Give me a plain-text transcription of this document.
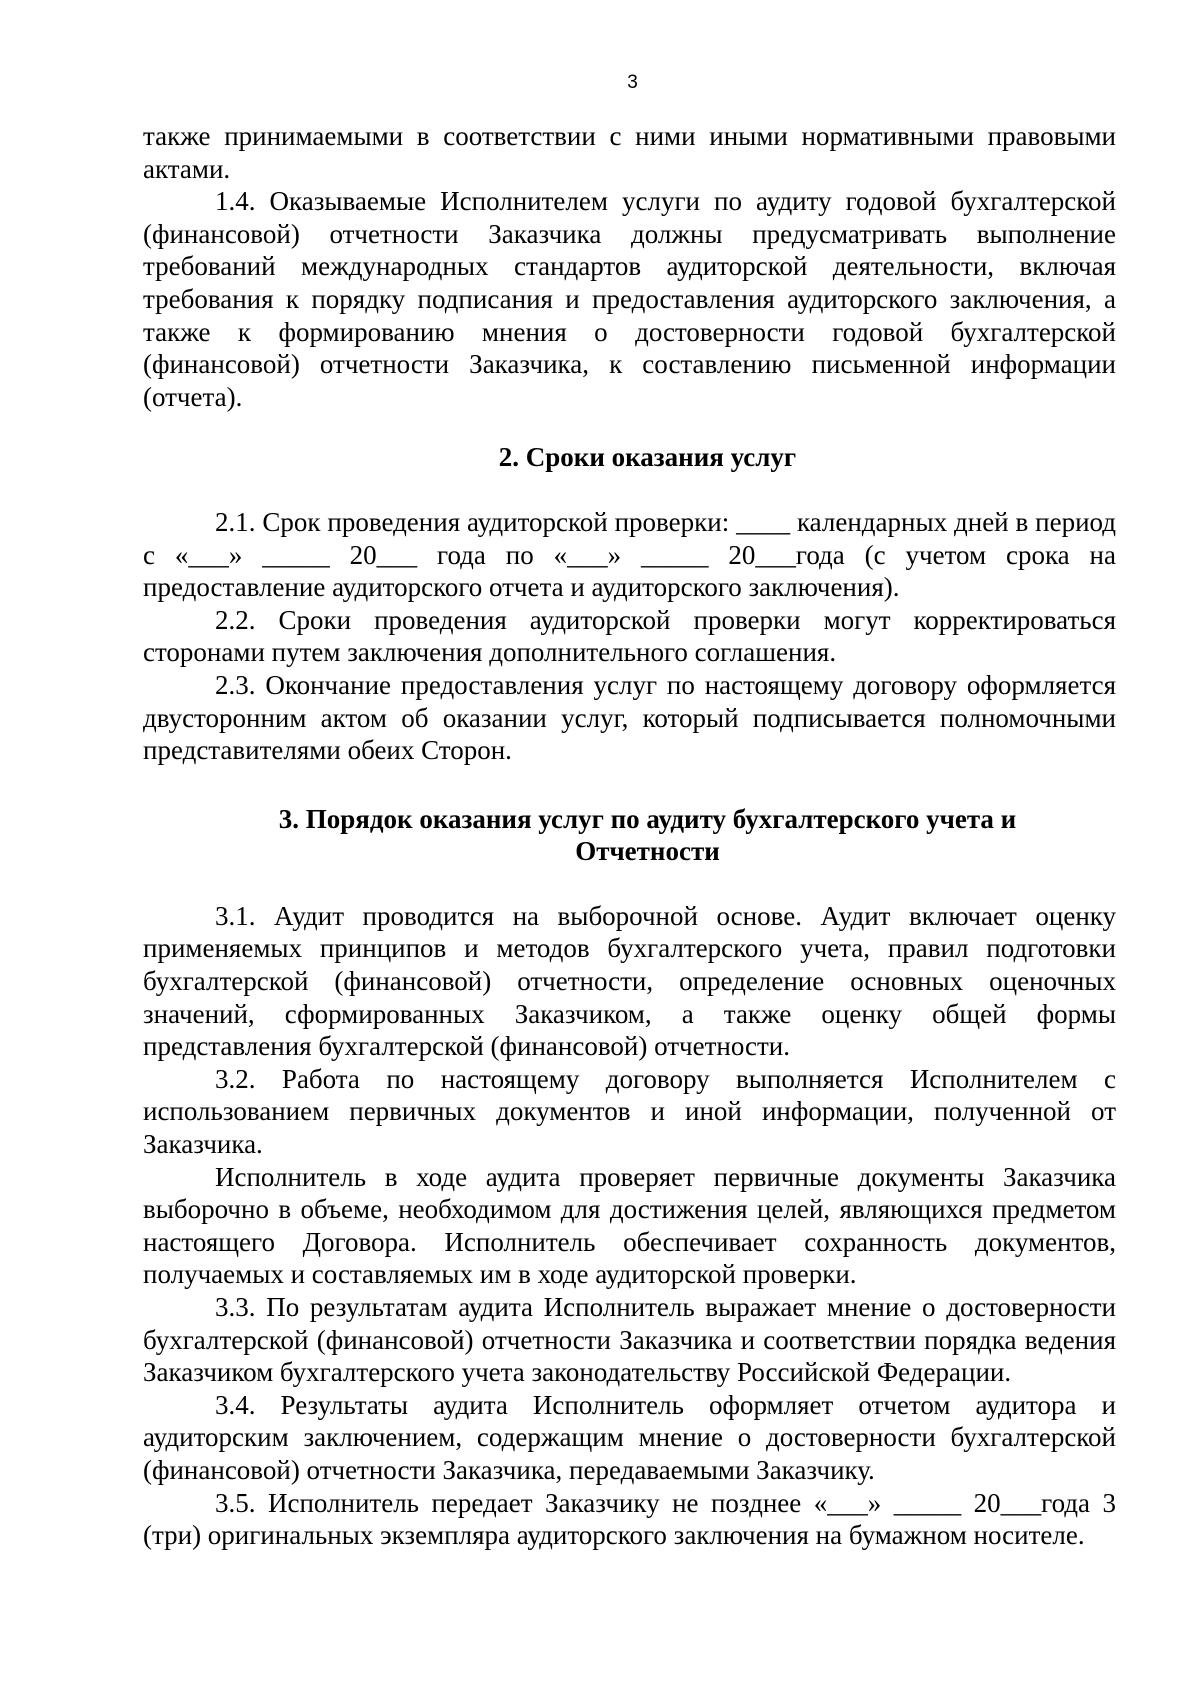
3

также принимаемыми в соответствии с ними иными нормативными правовыми актами.

1.4. Оказываемые Исполнителем услуги по аудиту годовой бухгалтерской (финансовой) отчетности Заказчика должны предусматривать выполнение требований международных стандартов аудиторской деятельности, включая требования к порядку подписания и предоставления аудиторского заключения, а также к формированию мнения о достоверности годовой бухгалтерской (финансовой) отчетности Заказчика, к составлению письменной информации (отчета).

2. Сроки оказания услуг

2.1. Срок проведения аудиторской проверки: ____ календарных дней в период с «___» _____ 20___ года по «___» _____ 20___года (с учетом срока на предоставление аудиторского отчета и аудиторского заключения).

2.2. Сроки проведения аудиторской проверки могут корректироваться сторонами путем заключения дополнительного соглашения.

2.3. Окончание предоставления услуг по настоящему договору оформляется двусторонним актом об оказании услуг, который подписывается полномочными представителями обеих Сторон.

3. Порядок оказания услуг по аудиту бухгалтерского учета и

Отчетности

3.1. Аудит проводится на выборочной основе. Аудит включает оценку применяемых принципов и методов бухгалтерского учета, правил подготовки бухгалтерской (финансовой) отчетности, определение основных оценочных значений, сформированных Заказчиком, а также оценку общей формы представления бухгалтерской (финансовой) отчетности.

3.2. Работа по настоящему договору выполняется Исполнителем с использованием первичных документов и иной информации, полученной от Заказчика.

Исполнитель в ходе аудита проверяет первичные документы Заказчика выборочно в объеме, необходимом для достижения целей, являющихся предметом настоящего Договора. Исполнитель обеспечивает сохранность документов, получаемых и составляемых им в ходе аудиторской проверки.

3.3. По результатам аудита Исполнитель выражает мнение о достоверности бухгалтерской (финансовой) отчетности Заказчика и соответствии порядка ведения Заказчиком бухгалтерского учета законодательству Российской Федерации.

3.4. Результаты аудита Исполнитель оформляет отчетом аудитора и аудиторским заключением, содержащим мнение о достоверности бухгалтерской (финансовой) отчетности Заказчика, передаваемыми Заказчику.

3.5. Исполнитель передает Заказчику не позднее «___» _____ 20___года 3 (три) оригинальных экземпляра аудиторского заключения на бумажном носителе.
